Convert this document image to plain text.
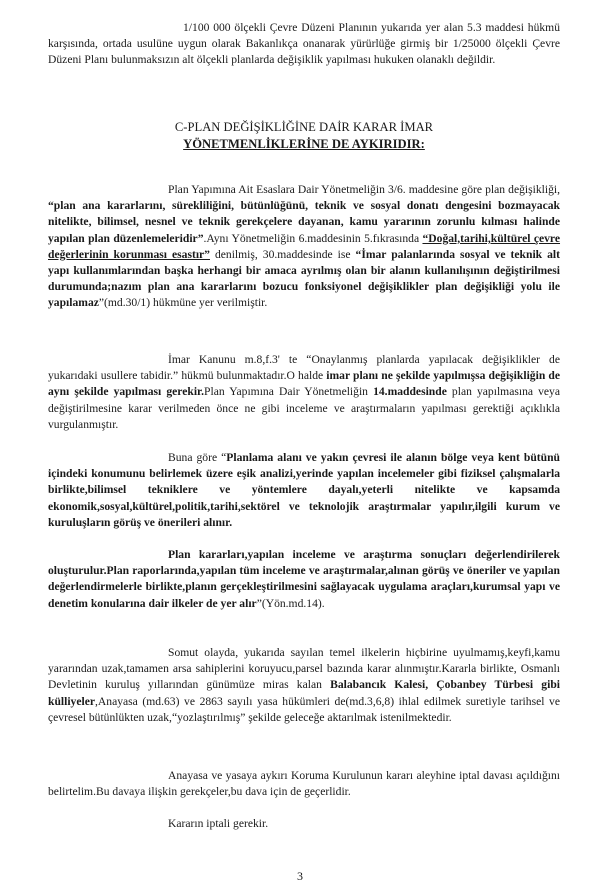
1/100 000 ölçekli Çevre Düzeni Planının yukarıda yer alan 5.3 maddesi hükmü karşısında, ortada usulüne uygun olarak Bakanlıkça onanarak yürürlüğe girmiş bir 1/25000 ölçekli Çevre Düzeni Planı bulunmaksızın alt ölçekli planlarda değişiklik yapılması hukuken olanaklı değildir.

C-PLAN DEĞİŞİKLİĞİNE DAİR KARAR İMAR
YÖNETMENLİKLERİNE DE AYKIRIDIR:

Plan Yapımına Ait Esaslara Dair Yönetmeliğin 3/6. maddesine göre plan değişikliği, “plan ana kararlarını, sürekliliğini, bütünlüğünü, teknik ve sosyal donatı dengesini bozmayacak nitelikte, bilimsel, nesnel ve teknik gerekçelere dayanan, kamu yararının zorunlu kılması halinde yapılan plan düzenlemeleridir”.Aynı Yönetmeliğin 6.maddesinin 5.fıkrasında “Doğal,tarihi,kültürel çevre değerlerinin korunması esastır” denilmiş, 30.maddesinde ise “İmar palanlarında sosyal ve teknik alt yapı kullanımlarından başka herhangi bir amaca ayrılmış olan bir alanın kullanılışının değiştirilmesi durumunda;nazım plan ana kararlarını bozucu fonksiyonel değişiklikler plan değişikliği yolu ile yapılamaz”(md.30/1) hükmüne yer verilmiştir.

İmar Kanunu m.8,f.3' te “Onaylanmış planlarda yapılacak değişiklikler de yukarıdaki usullere tabidir.” hükmü bulunmaktadır.O halde imar planı ne şekilde yapılmışsa değişikliğin de aynı şekilde yapılması gerekir.Plan Yapımına Dair Yönetmeliğin 14.maddesinde plan yapılmasına veya değiştirilmesine karar verilmeden önce ne gibi inceleme ve araştırmaların yapılması gerektiği açıklıkla vurgulanmıştır.

Buna göre “Planlama alanı ve yakın çevresi ile alanın bölge veya kent bütünü içindeki konumunu belirlemek üzere eşik analizi,yerinde yapılan incelemeler gibi fiziksel çalışmalarla birlikte,bilimsel tekniklere ve yöntemlere dayalı,yeterli nitelikte ve kapsamda ekonomik,sosyal,kültürel,politik,tarihi,sektörel ve teknolojik araştırmalar yapılır,ilgili kurum ve kuruluşların görüş ve önerileri alınır.

Plan kararları,yapılan inceleme ve araştırma sonuçları değerlendirilerek oluşturulur.Plan raporlarında,yapılan tüm inceleme ve araştırmalar,alınan görüş ve öneriler ve yapılan değerlendirmelerle birlikte,planın gerçekleştirilmesini sağlayacak uygulama araçları,kurumsal yapı ve denetim konularına dair ilkeler de yer alır”(Yön.md.14).

Somut olayda, yukarıda sayılan temel ilkelerin hiçbirine uyulmamış,keyfi,kamu yararından uzak,tamamen arsa sahiplerini koruyucu,parsel bazında karar alınmıştır.Kararla birlikte, Osmanlı Devletinin kuruluş yıllarından günümüze miras kalan Balabancık Kalesi, Çobanbey Türbesi gibi külliyeler,Anayasa (md.63) ve 2863 sayılı yasa hükümleri de(md.3,6,8) ihlal edilmek suretiyle tarihsel ve çevresel bütünlükten uzak,“yozlaştırılmış” şekilde geleceğe aktarılmak istenilmektedir.

Anayasa ve yasaya aykırı Koruma Kurulunun kararı aleyhine iptal davası açıldığını belirtelim.Bu davaya ilişkin gerekçeler,bu dava için de geçerlidir.

Kararın iptali gerekir.

3
